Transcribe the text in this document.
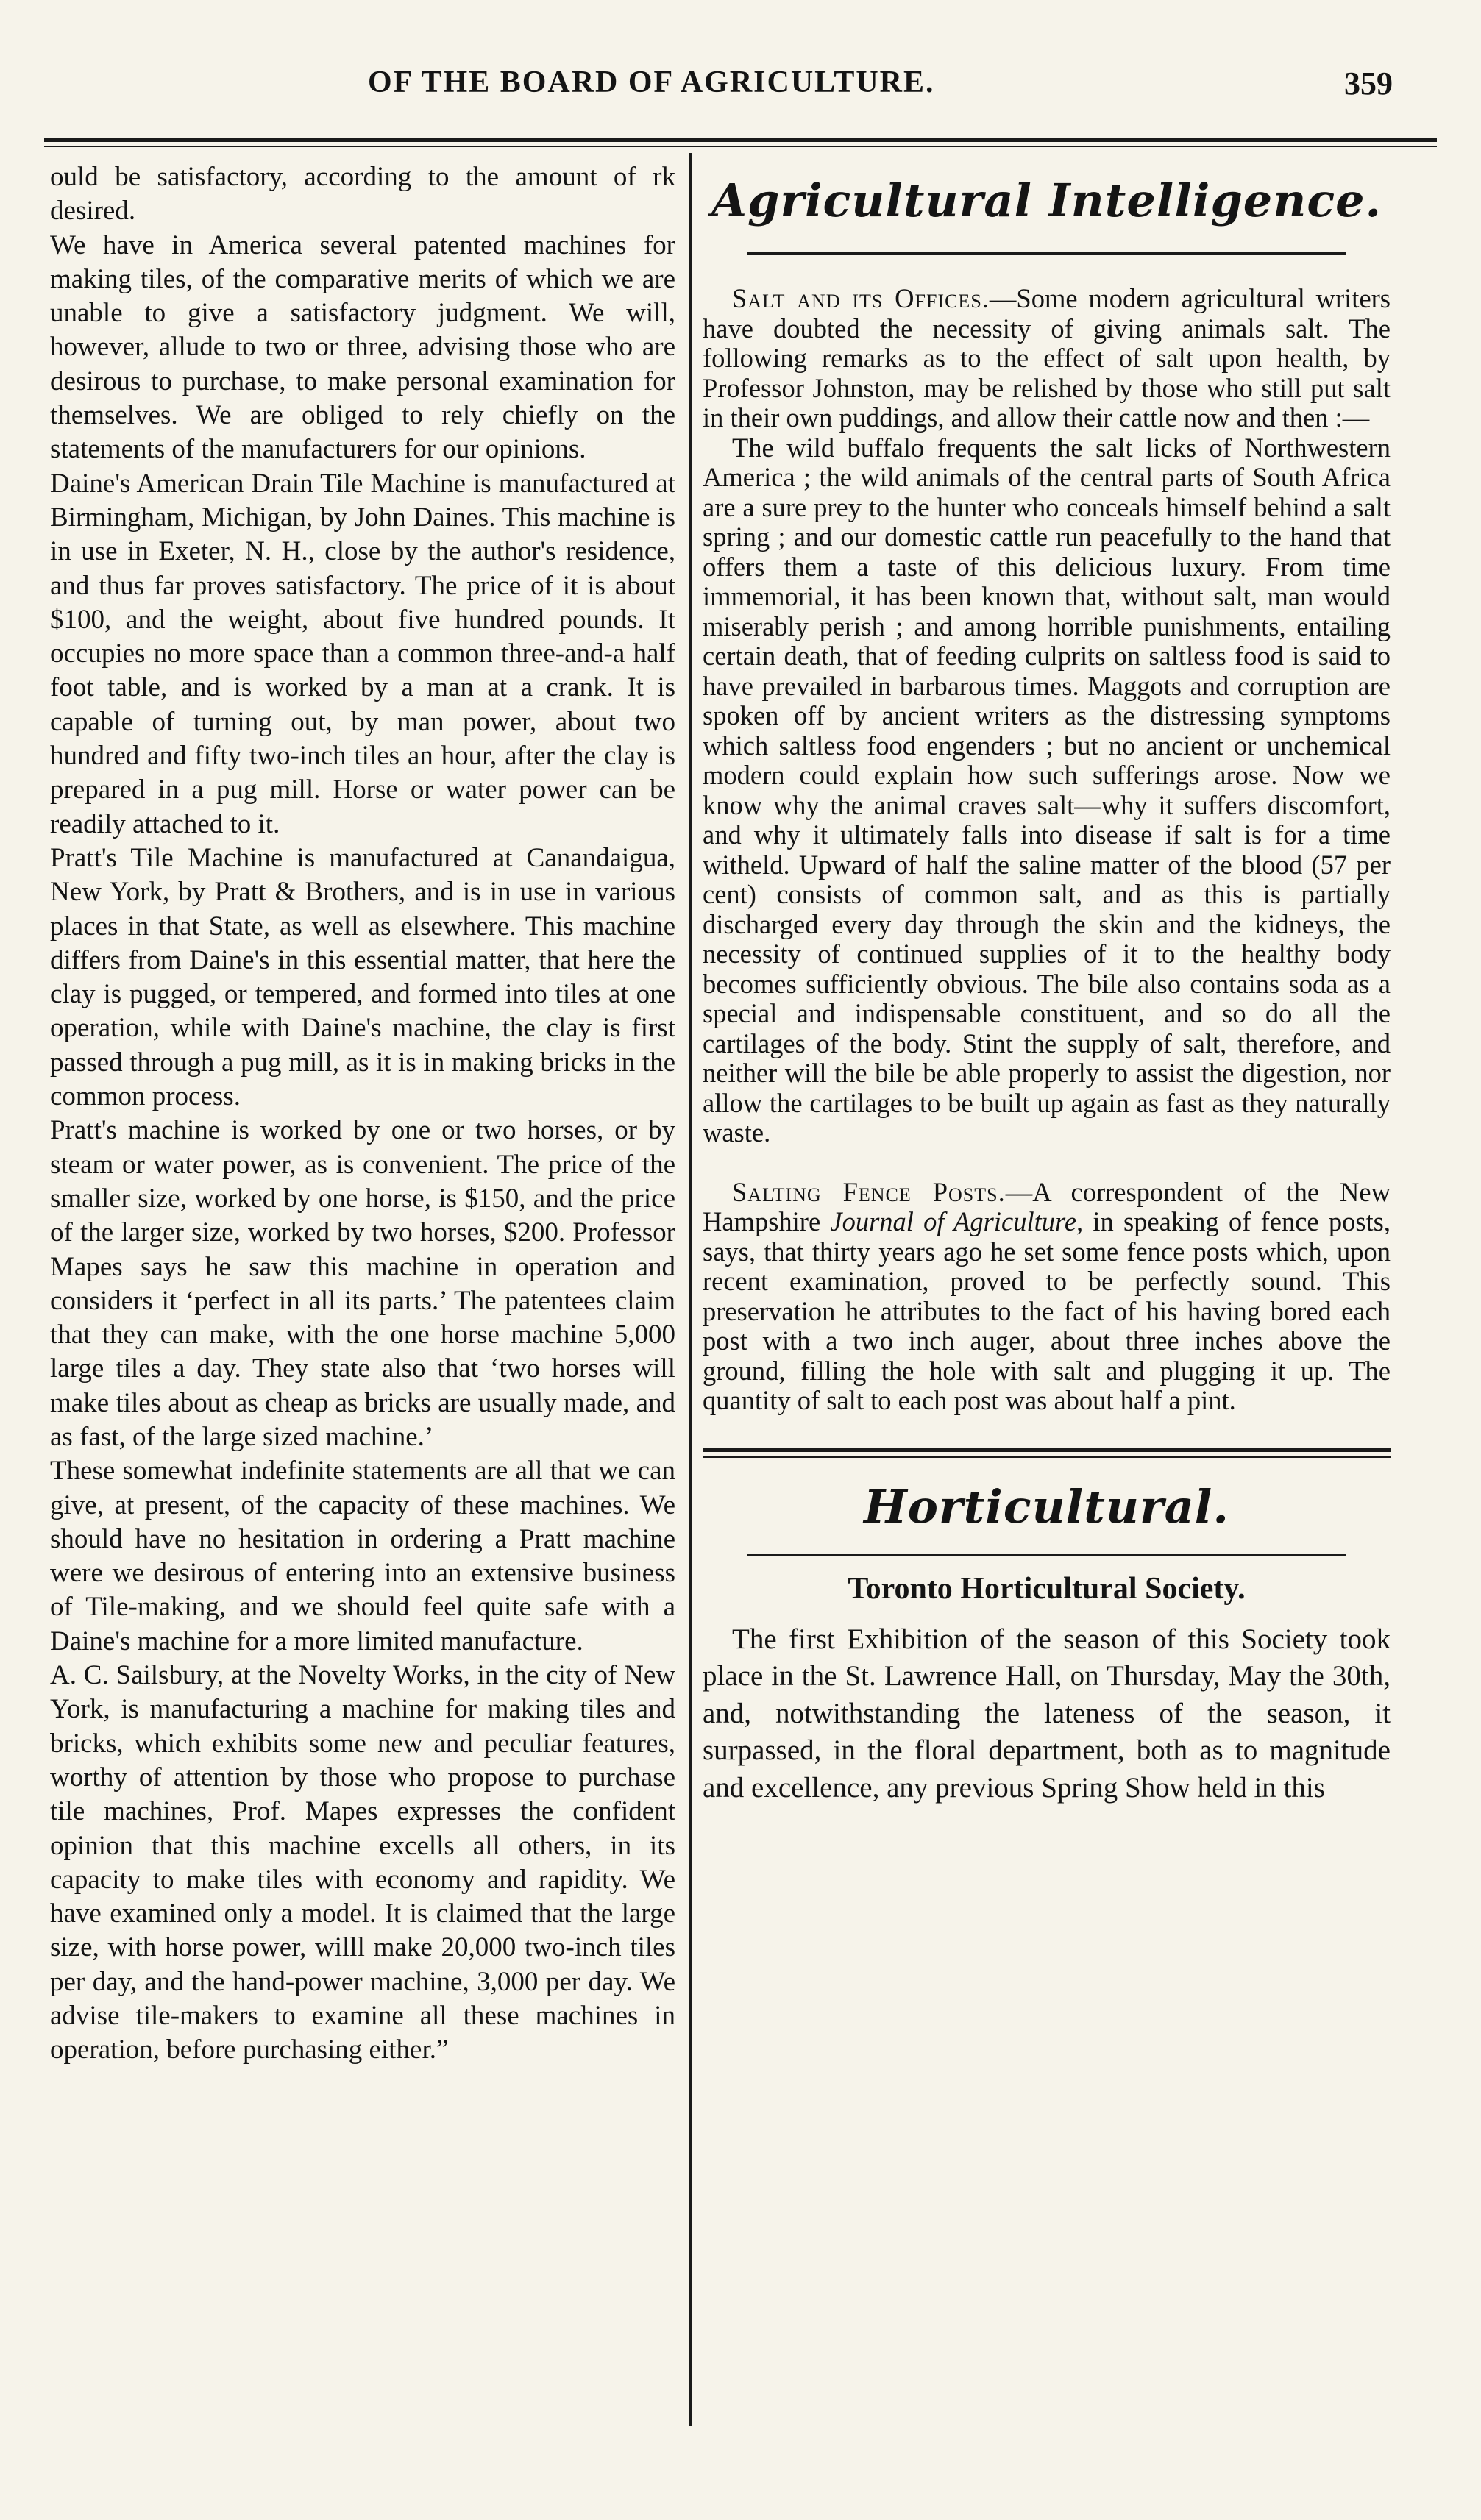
OF THE BOARD OF AGRICULTURE.	359

ould be satisfactory, according to the amount of rk desired.

We have in America several patented machines for making tiles, of the comparative merits of which we are unable to give a satisfactory judgment. We will, however, allude to two or three, advising those who are desirous to purchase, to make personal examination for themselves. We are obliged to rely chiefly on the statements of the manufacturers for our opinions.

Daine's American Drain Tile Machine is manufactured at Birmingham, Michigan, by John Daines. This machine is in use in Exeter, N. H., close by the author's residence, and thus far proves satisfactory. The price of it is about $100, and the weight, about five hundred pounds. It occupies no more space than a common three-and-a half foot table, and is worked by a man at a crank. It is capable of turning out, by man power, about two hundred and fifty two-inch tiles an hour, after the clay is prepared in a pug mill. Horse or water power can be readily attached to it.

Pratt's Tile Machine is manufactured at Canandaigua, New York, by Pratt & Brothers, and is in use in various places in that State, as well as elsewhere. This machine differs from Daine's in this essential matter, that here the clay is pugged, or tempered, and formed into tiles at one operation, while with Daine's machine, the clay is first passed through a pug mill, as it is in making bricks in the common process.

Pratt's machine is worked by one or two horses, or by steam or water power, as is convenient. The price of the smaller size, worked by one horse, is $150, and the price of the larger size, worked by two horses, $200. Professor Mapes says he saw this machine in operation and considers it ‘perfect in all its parts.’ The patentees claim that they can make, with the one horse machine 5,000 large tiles a day. They state also that ‘two horses will make tiles about as cheap as bricks are usually made, and as fast, of the large sized machine.’

These somewhat indefinite statements are all that we can give, at present, of the capacity of these machines. We should have no hesitation in ordering a Pratt machine were we desirous of entering into an extensive business of Tile-making, and we should feel quite safe with a Daine's machine for a more limited manufacture.

A. C. Sailsbury, at the Novelty Works, in the city of New York, is manufacturing a machine for making tiles and bricks, which exhibits some new and peculiar features, worthy of attention by those who propose to purchase tile machines, Prof. Mapes expresses the confident opinion that this machine excells all others, in its capacity to make tiles with economy and rapidity. We have examined only a model. It is claimed that the large size, with horse power, willl make 20,000 two-inch tiles per day, and the hand-power machine, 3,000 per day. We advise tile-makers to examine all these machines in operation, before purchasing either.”

Agricultural Intelligence.

Salt and its Offices.—Some modern agricultural writers have doubted the necessity of giving animals salt. The following remarks as to the effect of salt upon health, by Professor Johnston, may be relished by those who still put salt in their own puddings, and allow their cattle now and then :—

The wild buffalo frequents the salt licks of Northwestern America ; the wild animals of the central parts of South Africa are a sure prey to the hunter who conceals himself behind a salt spring ; and our domestic cattle run peacefully to the hand that offers them a taste of this delicious luxury. From time immemorial, it has been known that, without salt, man would miserably perish ; and among horrible punishments, entailing certain death, that of feeding culprits on saltless food is said to have prevailed in barbarous times. Maggots and corruption are spoken off by ancient writers as the distressing symptoms which saltless food engenders ; but no ancient or unchemical modern could explain how such sufferings arose. Now we know why the animal craves salt—why it suffers discomfort, and why it ultimately falls into disease if salt is for a time witheld. Upward of half the saline matter of the blood (57 per cent) consists of common salt, and as this is partially discharged every day through the skin and the kidneys, the necessity of continued supplies of it to the healthy body becomes sufficiently obvious. The bile also contains soda as a special and indispensable constituent, and so do all the cartilages of the body. Stint the supply of salt, therefore, and neither will the bile be able properly to assist the digestion, nor allow the cartilages to be built up again as fast as they naturally waste.

Salting Fence Posts.—A correspondent of the New Hampshire Journal of Agriculture, in speaking of fence posts, says, that thirty years ago he set some fence posts which, upon recent examination, proved to be perfectly sound. This preservation he attributes to the fact of his having bored each post with a two inch auger, about three inches above the ground, filling the hole with salt and plugging it up. The quantity of salt to each post was about half a pint.

Horticultural.
Toronto Horticultural Society.

The first Exhibition of the season of this Society took place in the St. Lawrence Hall, on Thursday, May the 30th, and, notwithstanding the lateness of the season, it surpassed, in the floral department, both as to magnitude and excellence, any previous Spring Show held in this
